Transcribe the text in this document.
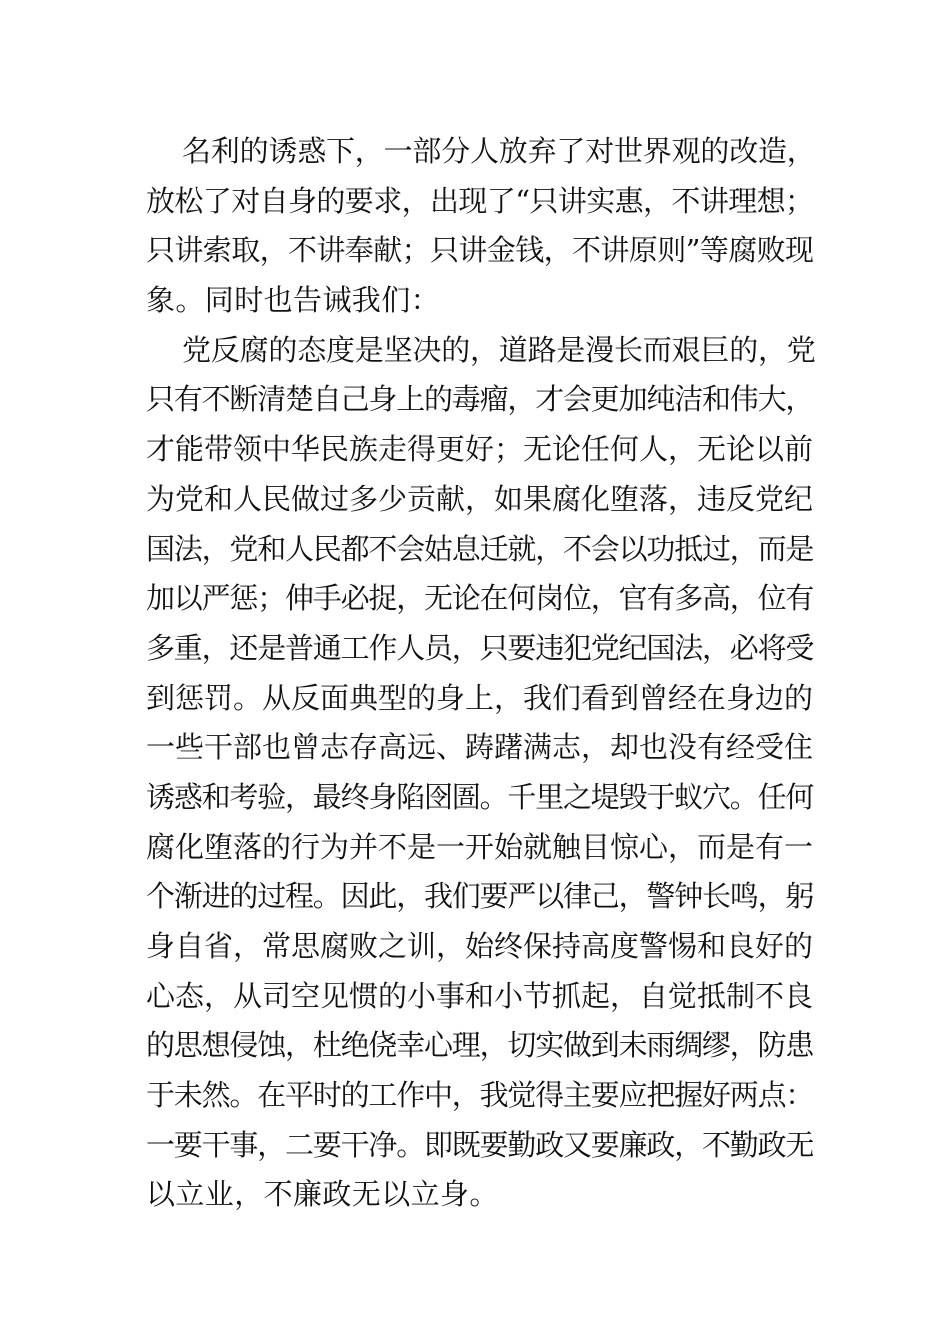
名利的诱惑下，一部分人放弃了对世界观的改造，
放松了对自身的要求，出现了“只讲实惠，不讲理想；
只讲索取，不讲奉献；只讲金钱，不讲原则”等腐败现
象。同时也告诫我们：
党反腐的态度是坚决的，道路是漫长而艰巨的，党
只有不断清楚自己身上的毒瘤，才会更加纯洁和伟大，
才能带领中华民族走得更好；无论任何人，无论以前
为党和人民做过多少贡献，如果腐化堕落，违反党纪
国法，党和人民都不会姑息迁就，不会以功抵过，而是
加以严惩；伸手必捉，无论在何岗位，官有多高，位有
多重，还是普通工作人员，只要违犯党纪国法，必将受
到惩罚。从反面典型的身上，我们看到曾经在身边的
一些干部也曾志存高远、踌躇满志，却也没有经受住
诱惑和考验，最终身陷囹圄。千里之堤毁于蚁穴。任何
腐化堕落的行为并不是一开始就触目惊心，而是有一
个渐进的过程。因此，我们要严以律己，警钟长鸣，躬
身自省，常思腐败之训，始终保持高度警惕和良好的
心态，从司空见惯的小事和小节抓起，自觉抵制不良
的思想侵蚀，杜绝侥幸心理，切实做到未雨绸缪，防患
于未然。在平时的工作中，我觉得主要应把握好两点：
一要干事，二要干净。即既要勤政又要廉政，不勤政无
以立业，不廉政无以立身。
